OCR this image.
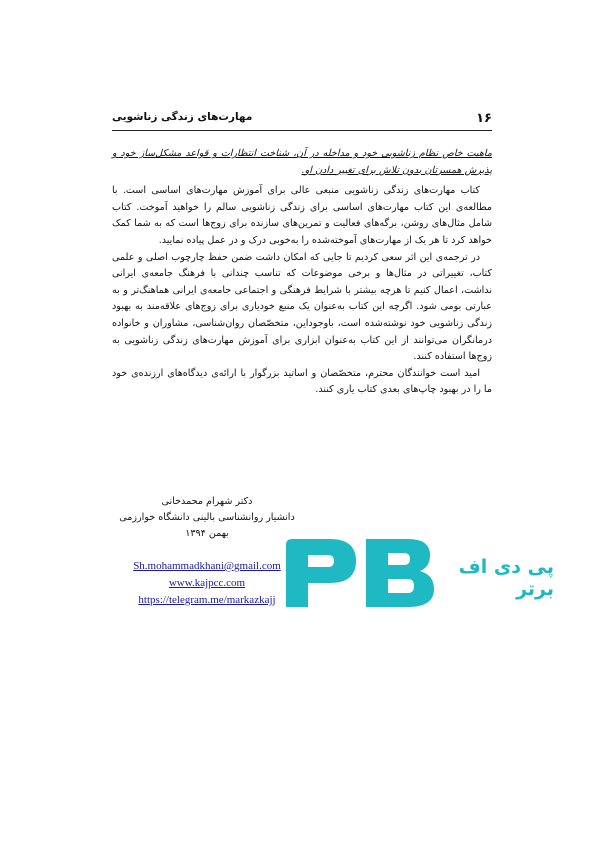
۱۶
مهارت‌های زندگی زناشویی

ماهیت خاص نظام زناشویی خود و مداخله در آن، شناخت انتظارات و قواعد مشکل‌ساز خود و پذیرش همسرتان بدون تلاش برای تغییر دادن او.

کتاب مهارت‌های زندگی زناشویی منبعی عالی برای آموزش مهارت‌های اساسی است. با مطالعه‌ی این کتاب مهارت‌های اساسی برای زندگی زناشویی سالم را خواهید آموخت. کتاب شامل مثال‌های روشن، برگه‌های فعالیت و تمرین‌های سازنده برای زوج‌ها است که به شما کمک خواهد کرد تا هر یک از مهارت‌های آموخته‌شده را به‌خوبی درک و در عمل پیاده نمایید.

در ترجمه‌ی این اثر سعی کردیم تا جایی که امکان داشت ضمن حفظ چارچوب اصلی و علمی کتاب، تغییراتی در مثال‌ها و برخی موضوعات که تناسب چندانی با فرهنگ جامعه‌ی ایرانی نداشت، اعمال کنیم تا هرچه بیشتر با شرایط فرهنگی و اجتماعی جامعه‌ی ایرانی هماهنگ‌تر و به عبارتی بومی شود. اگرچه این کتاب به‌عنوان یک منبع خودیاری برای زوج‌های علاقه‌مند به بهبود زندگی زناشویی خود نوشته‌شده است، باوجوداین، متخصّصان روان‌شناسی، مشاوران و خانواده درمانگران می‌توانند از این کتاب به‌عنوان ابزاری برای آموزش مهارت‌های زندگی زناشویی به زوج‌ها استفاده کنند.

امید است خوانندگان محترم، متخصّصان و اساتید بزرگوار با ارائه‌ی دیدگاه‌های ارزنده‌ی خود ما را در بهبود چاپ‌های بعدی کتاب یاری کنند.

دکتر شهرام محمدخانی
دانشیار روانشناسی بالینی دانشگاه خوارزمی
بهمن ۱۳۹۴
Sh.mohammadkhani@gmail.com
www.kajpcc.com
https://telegram.me/markazkajj
پی دی اف برتر
